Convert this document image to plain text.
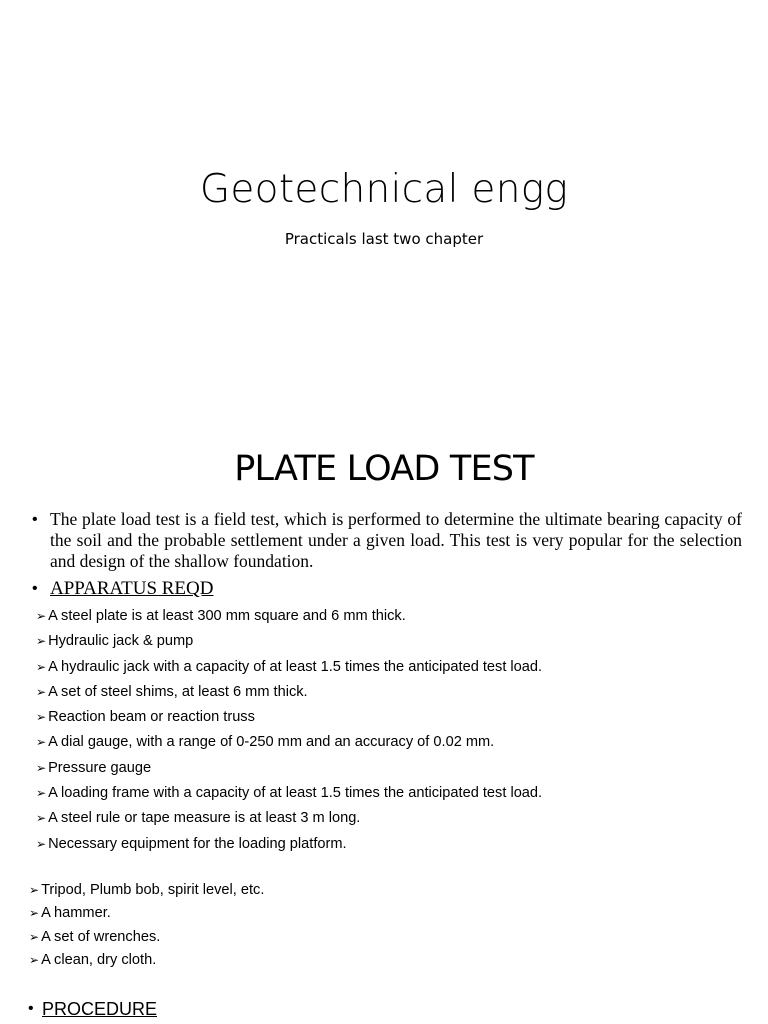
Geotechnical engg
Practicals last two chapter
PLATE LOAD TEST
• The plate load test is a field test, which is performed to determine the ultimate bearing capacity of the soil and the probable settlement under a given load. This test is very popular for the selection and design of the shallow foundation.
• APPARATUS REQD
➢ A steel plate is at least 300 mm square and 6 mm thick.
➢ Hydraulic jack & pump
➢ A hydraulic jack with a capacity of at least 1.5 times the anticipated test load.
➢ A set of steel shims, at least 6 mm thick.
➢ Reaction beam or reaction truss
➢ A dial gauge, with a range of 0-250 mm and an accuracy of 0.02 mm.
➢ Pressure gauge
➢ A loading frame with a capacity of at least 1.5 times the anticipated test load.
➢ A steel rule or tape measure is at least 3 m long.
➢ Necessary equipment for the loading platform.
➢ Tripod, Plumb bob, spirit level, etc.
➢ A hammer.
➢ A set of wrenches.
➢ A clean, dry cloth.
• PROCEDURE
